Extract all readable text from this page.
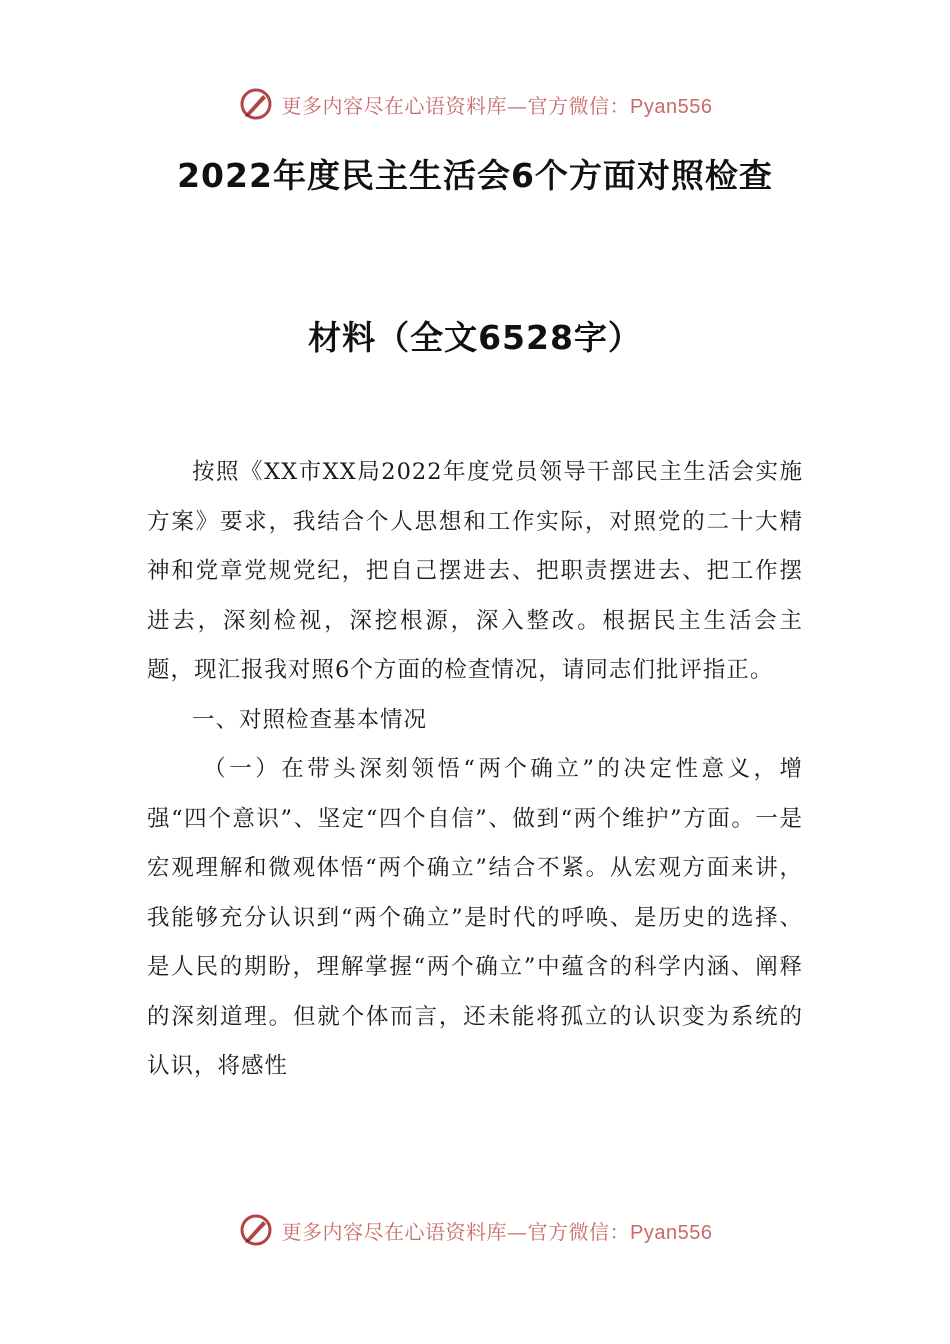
更多内容尽在心语资料库—官方微信：Pyan556
2022年度民主生活会6个方面对照检查
材料（全文6528字）

按照《XX市XX局2022年度党员领导干部民主生活会实施方案》要求，我结合个人思想和工作实际，对照党的二十大精神和党章党规党纪，把自己摆进去、把职责摆进去、把工作摆进去，深刻检视，深挖根源，深入整改。根据民主生活会主题，现汇报我对照6个方面的检查情况，请同志们批评指正。

一、对照检查基本情况

（一）在带头深刻领悟“两个确立”的决定性意义，增强“四个意识”、坚定“四个自信”、做到“两个维护”方面。一是宏观理解和微观体悟“两个确立”结合不紧。从宏观方面来讲，我能够充分认识到“两个确立”是时代的呼唤、是历史的选择、是人民的期盼，理解掌握“两个确立”中蕴含的科学内涵、阐释的深刻道理。但就个体而言，还未能将孤立的认识变为系统的认识，将感性

更多内容尽在心语资料库—官方微信：Pyan556
